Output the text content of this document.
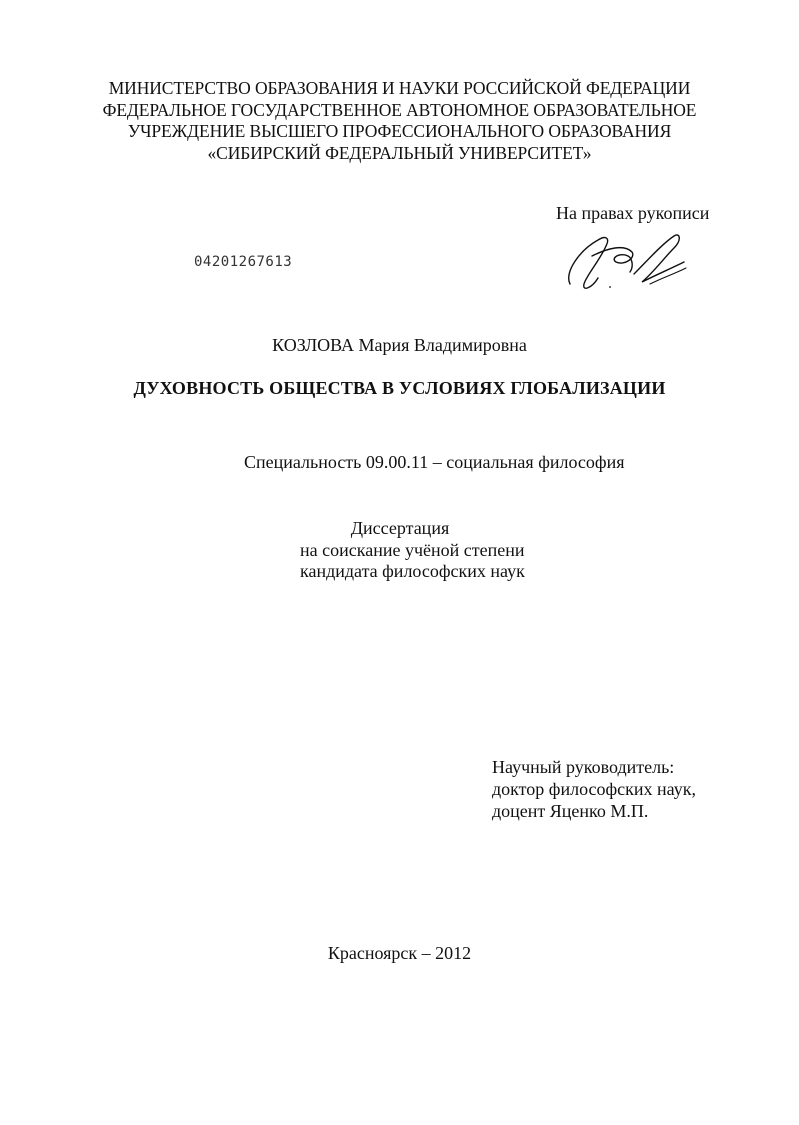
МИНИСТЕРСТВО ОБРАЗОВАНИЯ И НАУКИ РОССИЙСКОЙ ФЕДЕРАЦИИ
ФЕДЕРАЛЬНОЕ ГОСУДАРСТВЕННОЕ АВТОНОМНОЕ ОБРАЗОВАТЕЛЬНОЕ
УЧРЕЖДЕНИЕ ВЫСШЕГО ПРОФЕССИОНАЛЬНОГО ОБРАЗОВАНИЯ
«СИБИРСКИЙ ФЕДЕРАЛЬНЫЙ УНИВЕРСИТЕТ»
На правах рукописи
04201267613
КОЗЛОВА Мария Владимировна
ДУХОВНОСТЬ ОБЩЕСТВА В УСЛОВИЯХ ГЛОБАЛИЗАЦИИ
Специальность 09.00.11 – социальная философия
Диссертация
на соискание учёной степени
кандидата философских наук
Научный руководитель:
доктор философских наук,
доцент Яценко М.П.
Красноярск – 2012
